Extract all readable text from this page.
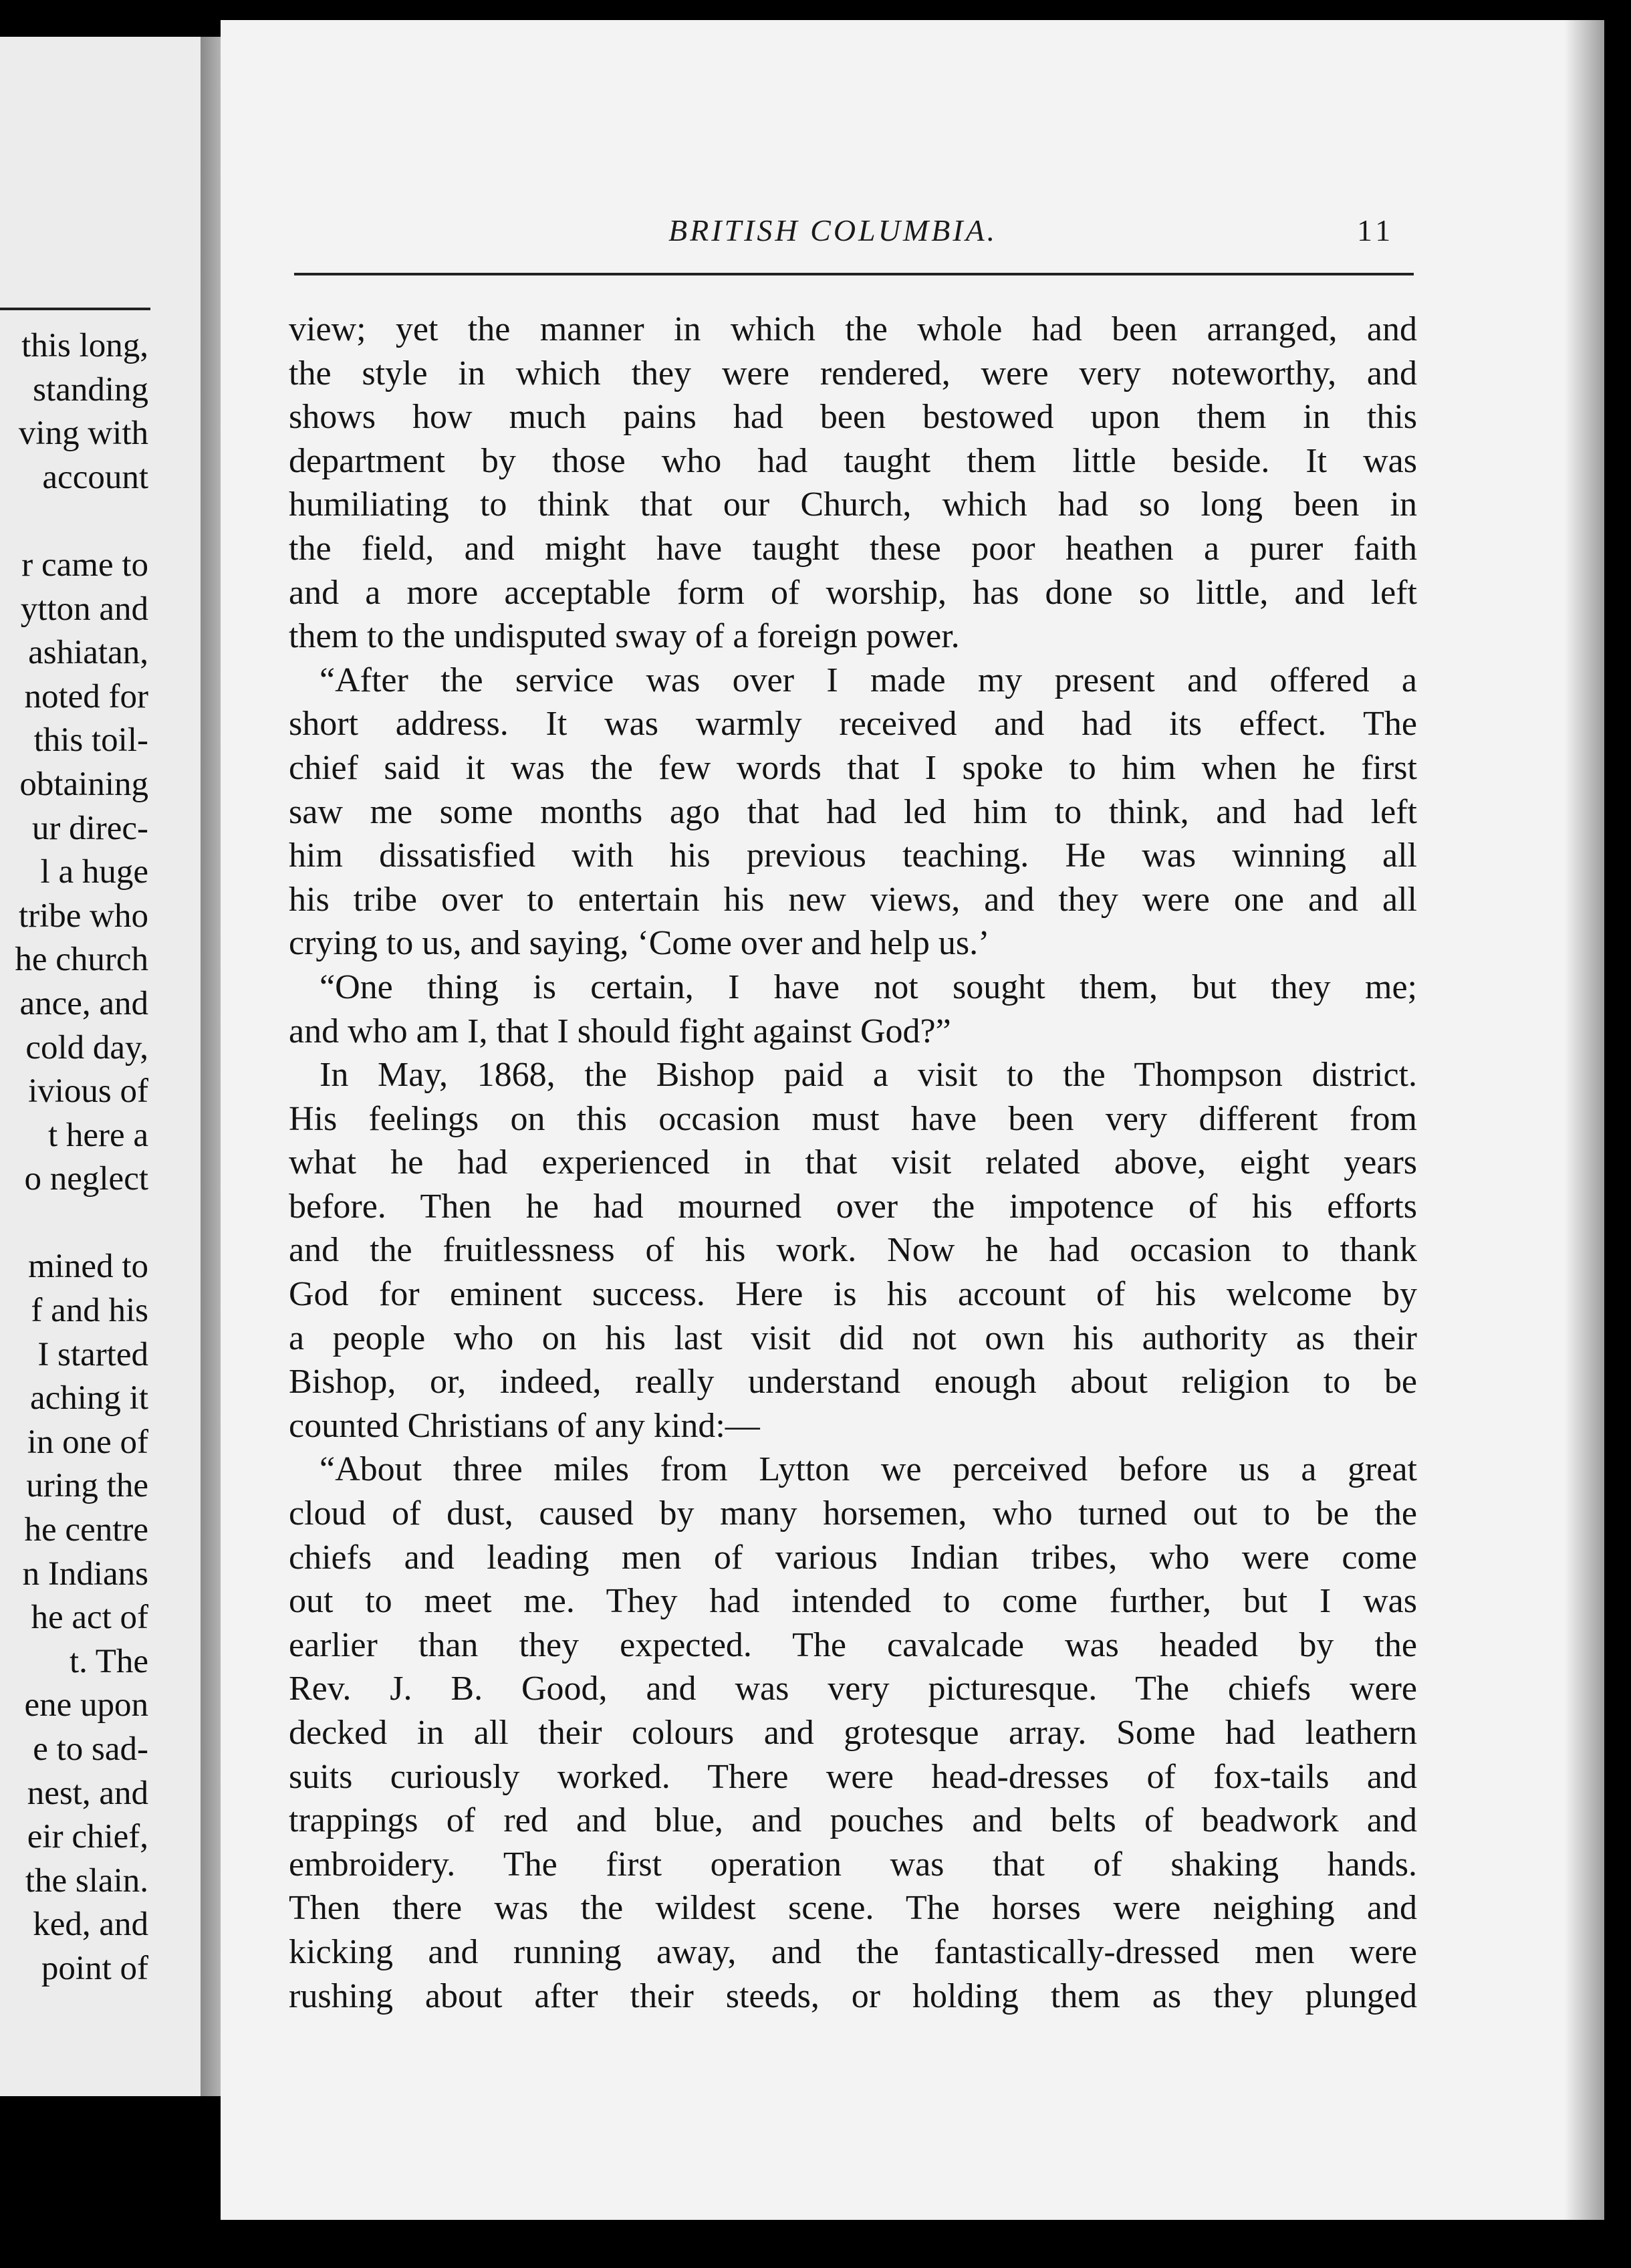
this long,
standing
ving with
account
r came to
ytton and
ashiatan,
noted for
this toil-
obtaining
ur direc-
l a huge
tribe who
he church
ance, and
cold day,
ivious of
t here a
o neglect
mined to
f and his
I started
aching it
in one of
uring the
he centre
n Indians
he act of
t. The
ene upon
e to sad-
nest, and
eir chief,
the slain.
ked, and
point of
BRITISH COLUMBIA.	11
view; yet the manner in which the whole had been arranged, and
the style in which they were rendered, were very noteworthy, and
shows how much pains had been bestowed upon them in this
department by those who had taught them little beside. It was
humiliating to think that our Church, which had so long been in
the field, and might have taught these poor heathen a purer faith
and a more acceptable form of worship, has done so little, and left
them to the undisputed sway of a foreign power.
“After the service was over I made my present and offered a
short address. It was warmly received and had its effect. The
chief said it was the few words that I spoke to him when he first
saw me some months ago that had led him to think, and had left
him dissatisfied with his previous teaching. He was winning all
his tribe over to entertain his new views, and they were one and all
crying to us, and saying, ‘Come over and help us.’
“One thing is certain, I have not sought them, but they me;
and who am I, that I should fight against God?”
In May, 1868, the Bishop paid a visit to the Thompson district.
His feelings on this occasion must have been very different from
what he had experienced in that visit related above, eight years
before. Then he had mourned over the impotence of his efforts
and the fruitlessness of his work. Now he had occasion to thank
God for eminent success. Here is his account of his welcome by
a people who on his last visit did not own his authority as their
Bishop, or, indeed, really understand enough about religion to be
counted Christians of any kind:—
“About three miles from Lytton we perceived before us a great
cloud of dust, caused by many horsemen, who turned out to be the
chiefs and leading men of various Indian tribes, who were come
out to meet me. They had intended to come further, but I was
earlier than they expected. The cavalcade was headed by the
Rev. J. B. Good, and was very picturesque. The chiefs were
decked in all their colours and grotesque array. Some had leathern
suits curiously worked. There were head-dresses of fox-tails and
trappings of red and blue, and pouches and belts of beadwork and
embroidery. The first operation was that of shaking hands.
Then there was the wildest scene. The horses were neighing and
kicking and running away, and the fantastically-dressed men were
rushing about after their steeds, or holding them as they plunged
